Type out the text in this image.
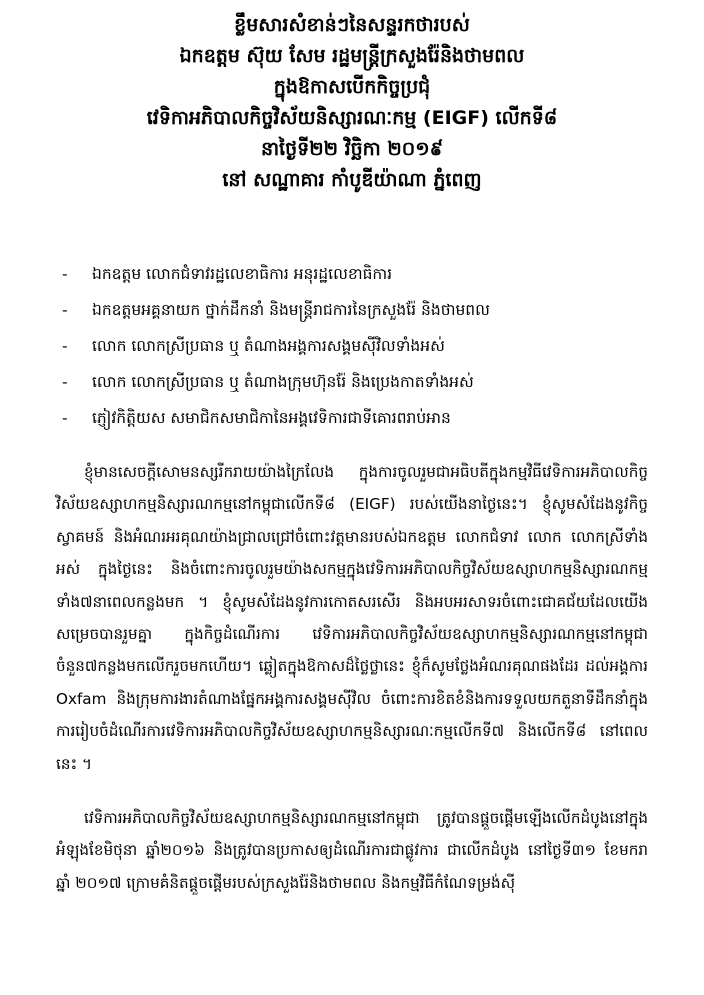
ខ្លឹមសារសំខាន់ៗនៃសន្ទរកថារបស់

ឯកឧត្តម ស៊ុយ សែម រដ្ឋមន្ត្រីក្រសួងរ៉ែនិងថាមពល

ក្នុងឱកាសបើកកិច្ចប្រជុំ

វេទិកាអភិបាលកិច្ចវិស័យនិស្សារណៈកម្ម (EIGF) លើកទី៨

នាថ្ងៃទី២២ វិច្ឆិកា ២០១៩

នៅ សណ្ឋាគារ កាំបូឌីយ៉ាណា ភ្នំពេញ

-	ឯកឧត្តម លោកជំទាវរដ្ឋលេខាធិការ អនុរដ្ឋលេខាធិការ
-	ឯកឧត្តមអគ្គនាយក ថ្នាក់ដឹកនាំ និងមន្ត្រីរាជការនៃក្រសួងរ៉ែ និងថាមពល
-	លោក លោកស្រីប្រធាន ឬ តំណាងអង្គការសង្គមស៊ីវិលទាំងអស់
-	លោក លោកស្រីប្រធាន ឬ តំណាងក្រុមហ៊ុនរ៉ែ និងប្រេងកាតទាំងអស់
-	ភ្ញៀវកិត្តិយស សមាជិកសមាជិកានៃអង្គវេទិការជាទីគោរពរាប់អាន

ខ្ញុំមានសេចក្តីសោមនស្សរីករាយយ៉ាងក្រៃលែង ក្នុងការចូលរួមជាអធិបតីក្នុងកម្មវិធីវេទិការអភិបាលកិច្ចវិស័យឧស្សាហកម្មនិស្សារណកម្មនៅកម្ពុជាលើកទី៨ (EIGF) របស់យើងនាថ្ងៃនេះ។ ខ្ញុំសូមសំដែងនូវកិច្ចស្វាគមន៍ និងអំណរអរគុណយ៉ាងជ្រាលជ្រៅចំពោះវត្តមានរបស់ឯកឧត្តម លោកជំទាវ លោក លោកស្រីទាំងអស់ ក្នុងថ្ងៃនេះ និងចំពោះការចូលរួមយ៉ាងសកម្មក្នុងវេទិការអភិបាលកិច្ចវិស័យឧស្សាហកម្មនិស្សារណកម្មទាំង៧នាពេលកន្លងមក ។ ខ្ញុំសូមសំដែងនូវការកោតសរសើរ និងអបអរសាទរចំពោះជោគជ័យដែលយើងសម្រេចបានរួមគ្នា ក្នុងកិច្ចដំណើរការ វេទិការអភិបាលកិច្ចវិស័យឧស្សាហកម្មនិស្សារណកម្មនៅកម្ពុជាចំនួន៧កន្លងមកលើករួចមកហើយ។ ឆ្លៀតក្នុងឱកាសដ៏ថ្លៃថ្លានេះ ខ្ញុំក៏សូមថ្លែងអំណរគុណផងដែរ ដល់អង្គការ Oxfam និងក្រុមការងារតំណាងផ្នែកអង្គការសង្គមស៊ីវិល ចំពោះការខិតខំនិងការទទួលយកតួនាទីដឹកនាំក្នុងការរៀបចំដំណើរការវេទិការអភិបាលកិច្ចវិស័យឧស្សាហកម្មនិស្សារណៈកម្មលើកទី៧ និងលើកទី៨ នៅពេលនេះ ។

វេទិការអភិបាលកិច្ចវិស័យឧស្សាហកម្មនិស្សារណកម្មនៅកម្ពុជា ត្រូវបានផ្តួចផ្តើមឡើងលើកដំបូងនៅក្នុងអំឡុងខែមិថុនា ឆ្នាំ២០១៦ និងត្រូវបានប្រកាសឲ្យដំណើរការជាផ្លូវការ ជាលើកដំបូង នៅថ្ងៃទី៣១ ខែមករា ឆ្នាំ ២០១៧ ក្រោមគំនិតផ្តួចផ្តើមរបស់ក្រសួងរ៉ែនិងថាមពល និងកម្មវិធីកំណែទម្រង់ស៊ី
